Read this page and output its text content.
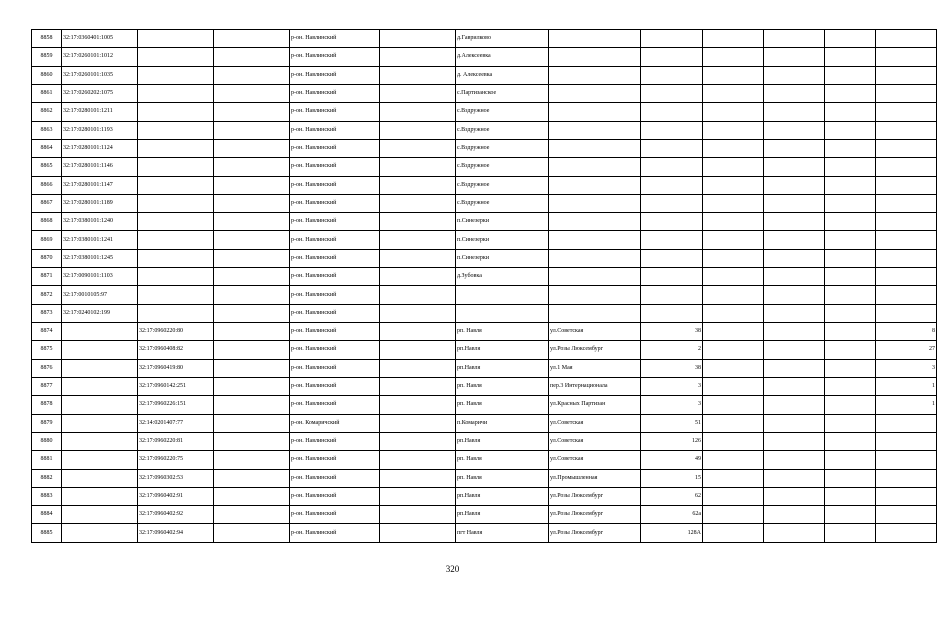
8858	32:17:0360401:1005			р-он. Навлинский		д.Гаврилково						
8859	32:17:0260101:1012			р-он. Навлинский		д.Алексеевка						
8860	32:17:0260101:1035			р-он. Навлинский		д. Алексеевка						
8861	32:17:0260202:1075			р-он. Навлинский		с.Партизанское						
8862	32:17:0280101:1211			р-он. Навлинский		с.Вздружное						
8863	32:17:0280101:1193			р-он. Навлинский		с.Вздружное						
8864	32:17:0280101:1124			р-он. Навлинский		с.Вздружное						
8865	32:17:0280101:1146			р-он. Навлинский		с.Вздружное						
8866	32:17:0280101:1147			р-он. Навлинский		с.Вздружное						
8867	32:17:0280101:1189			р-он. Навлинский		с.Вздружное						
8868	32:17:0380101:1240			р-он. Навлинский		п.Синезерки						
8869	32:17:0380101:1241			р-он. Навлинский		п.Синезерки						
8870	32:17:0380101:1245			р-он. Навлинский		п.Синезерки						
8871	32:17:0090101:1103			р-он. Навлинский		д.Зубовка						
8872	32:17:0010105:97			р-он. Навлинский								
8873	32:17:0240102:199			р-он. Навлинский								
8874		32:17:0960220:80		р-он. Навлинский		рп. Навля	ул.Советская	38				8
8875		32:17:0960408:82		р-он. Навлинский		рп.Навля	ул.Розы Люксембург	2				27
8876		32:17:0960419:80		р-он. Навлинский		рп.Навля	ул.1 Мая	38				3
8877		32:17:0960142:251		р-он. Навлинский		рп. Навля	пер.3 Интернационала	3				1
8878		32:17:0960226:151		р-он. Навлинский		рп. Навля	ул.Красных Партизан	3				1
8879		32:14:0201407:77		р-он. Комаричский		п.Комаричи	ул.Советская	51				
8880		32:17:0960220:81		р-он. Навлинский		рп.Навля	ул.Советская	126				
8881		32:17:0960220:75		р-он. Навлинский		рп. Навля	ул.Советская	49				
8882		32:17:0960302:53		р-он. Навлинский		рп. Навля	ул.Промышленная	15				
8883		32:17:0960402:91		р-он. Навлинский		рп.Навля	ул.Розы Люксембург	62				
8884		32:17:0960402:92		р-он. Навлинский		рп.Навля	ул.Розы Люксембург	62а				
8885		32:17:0960402:94		р-он. Навлинский		пгт Навля	ул.Розы Люксембург	128А				
320
